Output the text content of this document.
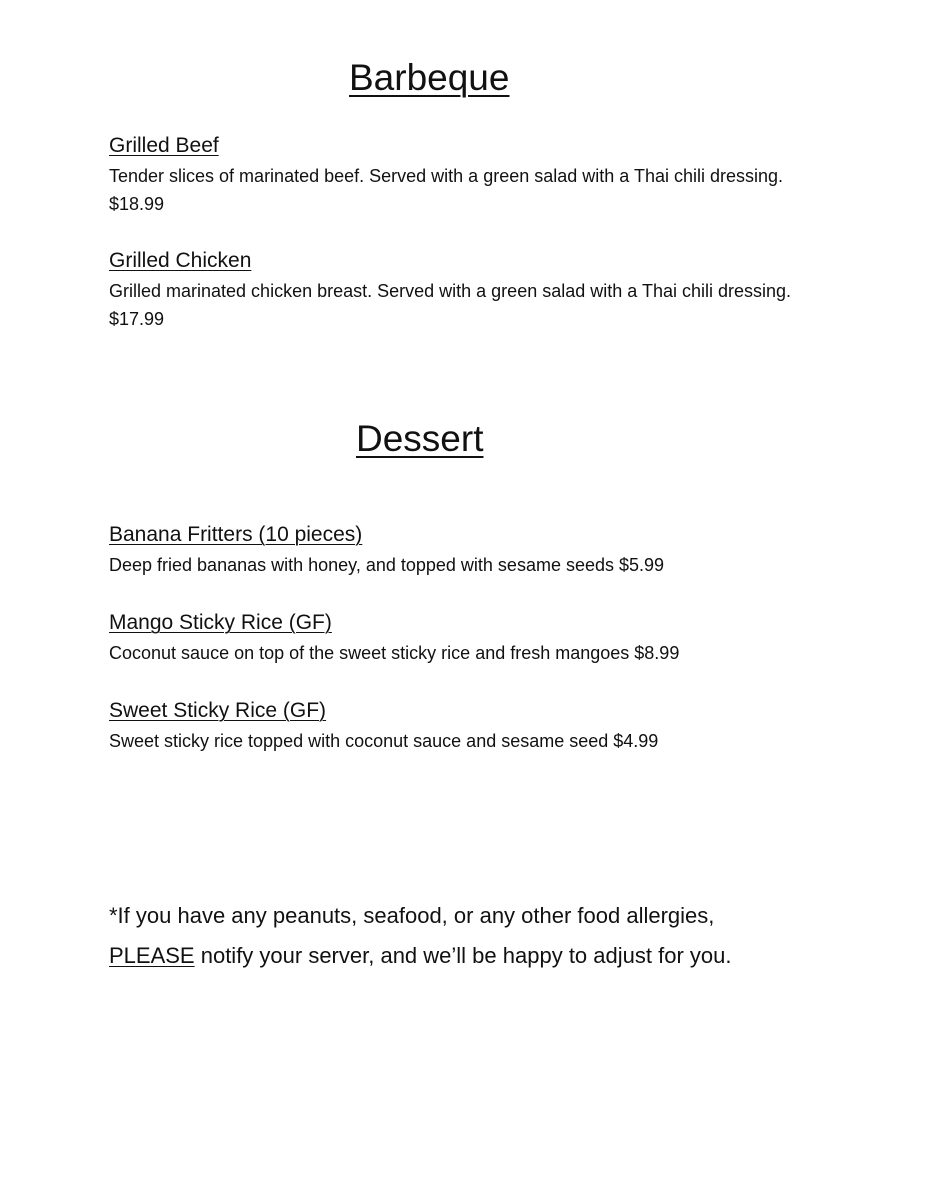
Barbeque
Grilled Beef
Tender slices of marinated beef. Served with a green salad with a Thai chili dressing. $18.99
Grilled Chicken
Grilled marinated chicken breast. Served with a green salad with a Thai chili dressing. $17.99
Dessert
Banana Fritters (10 pieces)
Deep fried bananas with honey, and topped with sesame seeds $5.99
Mango Sticky Rice (GF)
Coconut sauce on top of the sweet sticky rice and fresh mangoes $8.99
Sweet Sticky Rice (GF)
Sweet sticky rice topped with coconut sauce and sesame seed $4.99
*If you have any peanuts, seafood, or any other food allergies,
PLEASE notify your server, and we’ll be happy to adjust for you.
